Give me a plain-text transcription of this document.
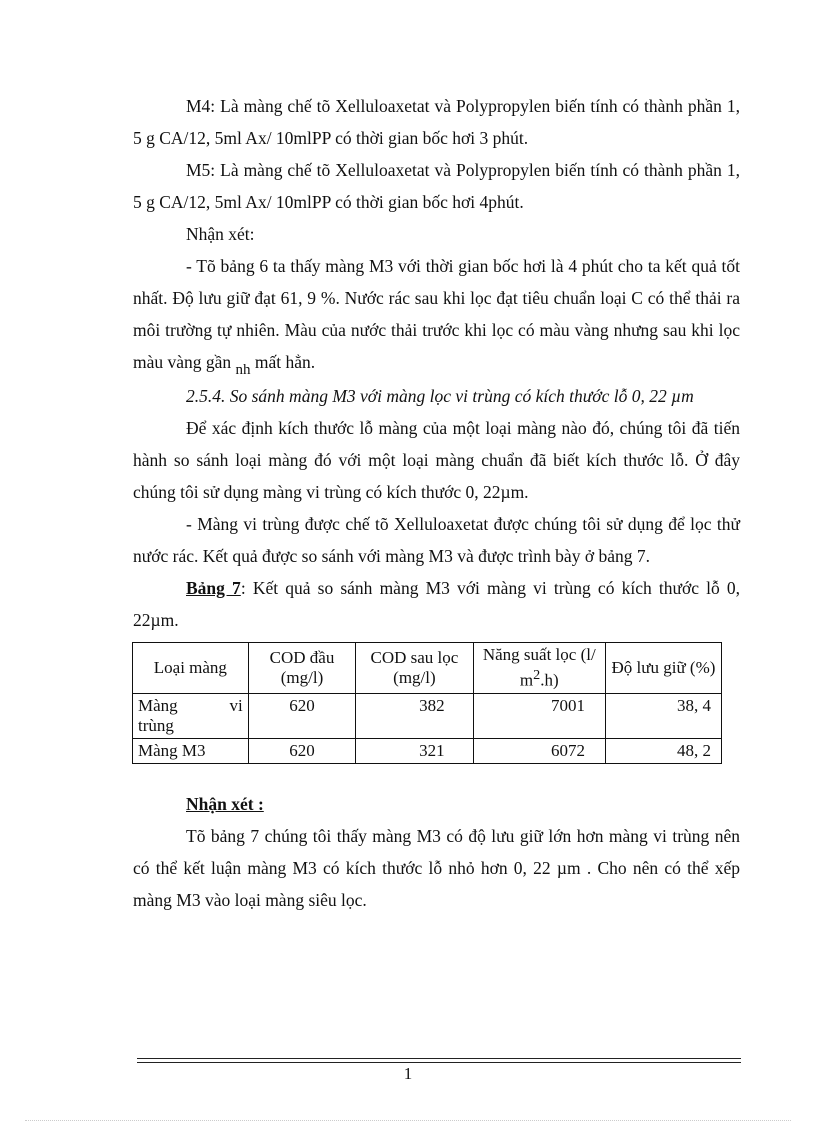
M4: Là màng chế tõ Xelluloaxetat và Polypropylen biến tính có thành phần 1, 5 g CA/12, 5ml Ax/ 10mlPP có thời gian bốc hơi 3 phút.

M5: Là màng chế tõ Xelluloaxetat và Polypropylen biến tính có thành phần 1, 5 g CA/12, 5ml Ax/ 10mlPP có thời gian bốc hơi 4phút.

Nhận xét:

- Tõ bảng 6 ta thấy màng M3 với thời gian bốc hơi là 4 phút cho ta kết quả tốt nhất. Độ lưu giữ đạt 61, 9 %. Nước rác sau khi lọc đạt tiêu chuẩn loại C có thể thải ra môi trường tự nhiên. Màu của nước thải trước khi lọc có màu vàng nhưng sau khi lọc màu vàng gần nh mất hẳn.

2.5.4. So sánh màng M3 với màng lọc vi trùng có kích thước lỗ 0, 22 µm

Để xác định kích thước lỗ màng của một loại màng nào đó, chúng tôi đã tiến hành so sánh loại màng đó với một loại màng chuẩn đã biết kích thước lỗ. Ở đây chúng tôi sử dụng màng vi trùng có kích thước 0, 22µm.

- Màng vi trùng được chế tõ Xelluloaxetat được chúng tôi sử dụng để lọc thử nước rác. Kết quả được so sánh với màng M3 và được trình bày ở bảng 7.

Bảng 7: Kết quả so sánh màng M3 với màng vi trùng có kích thước lỗ 0, 22µm.

Loại màng	COD đầu (mg/l)	COD sau lọc (mg/l)	Năng suất lọc (l/ $m^2.h$)	Độ lưu giữ (%)

Màng vi
trùng	620	382	7001	38, 4
Màng M3	620	321	6072	48, 2

Nhận xét :

Tõ bảng 7 chúng tôi thấy màng M3 có độ lưu giữ lớn hơn màng vi trùng nên có thể kết luận màng M3 có kích thước lỗ nhỏ hơn 0, 22 µm . Cho nên có thể xếp màng M3 vào loại màng siêu lọc.

1
